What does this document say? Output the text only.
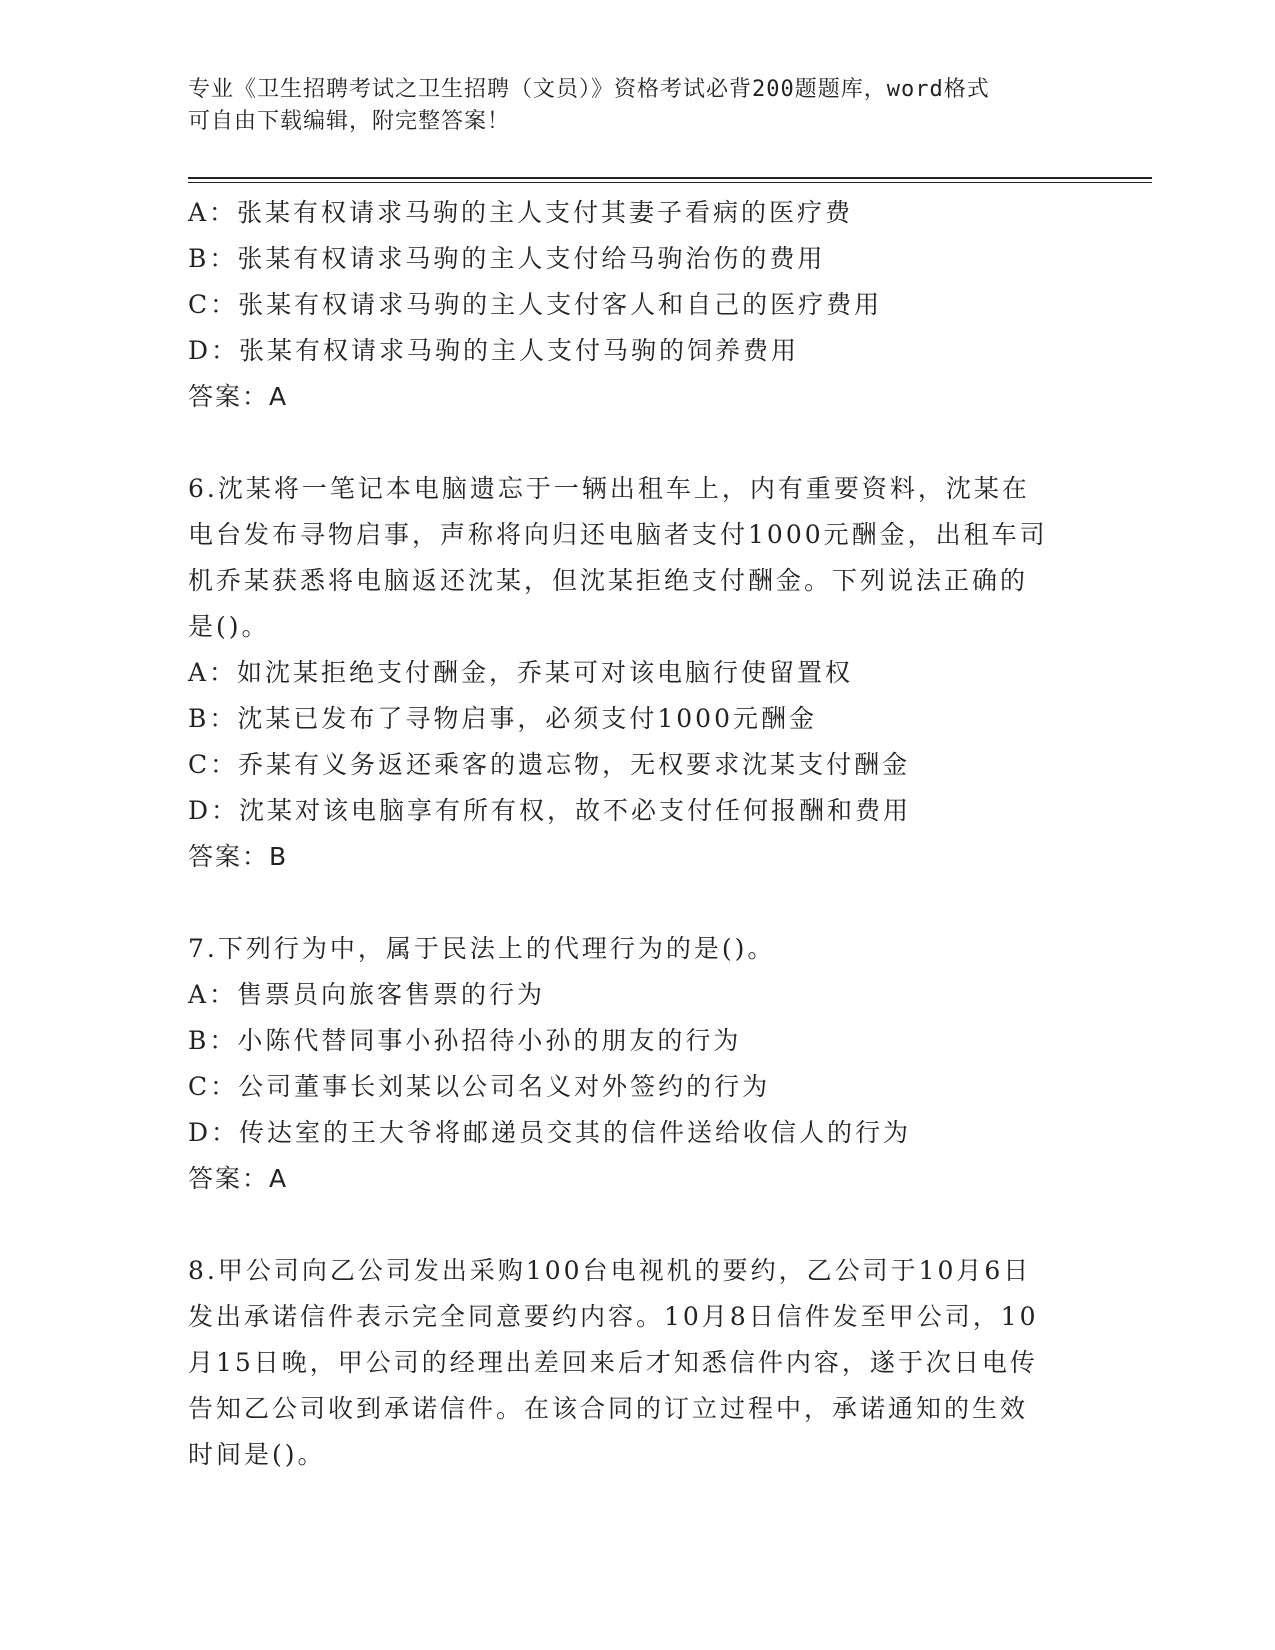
专业《卫生招聘考试之卫生招聘（文员）》资格考试必背200题题库，word格式
可自由下载编辑，附完整答案！
A：张某有权请求马驹的主人支付其妻子看病的医疗费
B：张某有权请求马驹的主人支付给马驹治伤的费用
C：张某有权请求马驹的主人支付客人和自己的医疗费用
D：张某有权请求马驹的主人支付马驹的饲养费用
答案：A
6.沈某将一笔记本电脑遗忘于一辆出租车上，内有重要资料，沈某在
电台发布寻物启事，声称将向归还电脑者支付1000元酬金，出租车司
机乔某获悉将电脑返还沈某，但沈某拒绝支付酬金。下列说法正确的
是()。
A：如沈某拒绝支付酬金，乔某可对该电脑行使留置权
B：沈某已发布了寻物启事，必须支付1000元酬金
C：乔某有义务返还乘客的遗忘物，无权要求沈某支付酬金
D：沈某对该电脑享有所有权，故不必支付任何报酬和费用
答案：B
7.下列行为中，属于民法上的代理行为的是()。
A：售票员向旅客售票的行为
B：小陈代替同事小孙招待小孙的朋友的行为
C：公司董事长刘某以公司名义对外签约的行为
D：传达室的王大爷将邮递员交其的信件送给收信人的行为
答案：A
8.甲公司向乙公司发出采购100台电视机的要约，乙公司于10月6日
发出承诺信件表示完全同意要约内容。10月8日信件发至甲公司，10
月15日晚，甲公司的经理出差回来后才知悉信件内容，遂于次日电传
告知乙公司收到承诺信件。在该合同的订立过程中，承诺通知的生效
时间是()。
